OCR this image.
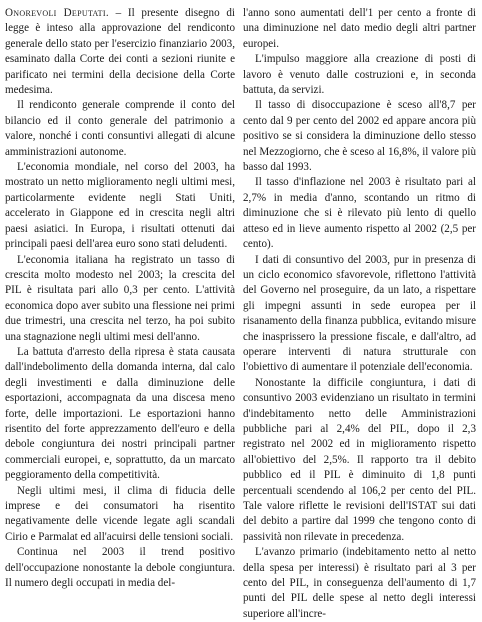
Onorevoli Deputati. – Il presente disegno di legge è inteso alla approvazione del rendiconto generale dello stato per l'esercizio finanziario 2003, esaminato dalla Corte dei conti a sezioni riunite e parificato nei termini della decisione della Corte medesima.

Il rendiconto generale comprende il conto del bilancio ed il conto generale del patrimonio a valore, nonché i conti consuntivi allegati di alcune amministrazioni autonome.

L'economia mondiale, nel corso del 2003, ha mostrato un netto miglioramento negli ultimi mesi, particolarmente evidente negli Stati Uniti, accelerato in Giappone ed in crescita negli altri paesi asiatici. In Europa, i risultati ottenuti dai principali paesi dell'area euro sono stati deludenti.

L'economia italiana ha registrato un tasso di crescita molto modesto nel 2003; la crescita del PIL è risultata pari allo 0,3 per cento. L'attività economica dopo aver subito una flessione nei primi due trimestri, una crescita nel terzo, ha poi subito una stagnazione negli ultimi mesi dell'anno.

La battuta d'arresto della ripresa è stata causata dall'indebolimento della domanda interna, dal calo degli investimenti e dalla diminuzione delle esportazioni, accompagnata da una discesa meno forte, delle importazioni. Le esportazioni hanno risentito del forte apprezzamento dell'euro e della debole congiuntura dei nostri principali partner commerciali europei, e, soprattutto, da un marcato peggioramento della competitività.

Negli ultimi mesi, il clima di fiducia delle imprese e dei consumatori ha risentito negativamente delle vicende legate agli scandali Cirio e Parmalat ed all'acuirsi delle tensioni sociali.

Continua nel 2003 il trend positivo dell'occupazione nonostante la debole congiuntura. Il numero degli occupati in media del-

l'anno sono aumentati dell'1 per cento a fronte di una diminuzione nel dato medio degli altri partner europei.

L'impulso maggiore alla creazione di posti di lavoro è venuto dalle costruzioni e, in seconda battuta, da servizi.

Il tasso di disoccupazione è sceso all'8,7 per cento dal 9 per cento del 2002 ed appare ancora più positivo se si considera la diminuzione dello stesso nel Mezzogiorno, che è sceso al 16,8%, il valore più basso dal 1993.

Il tasso d'inflazione nel 2003 è risultato pari al 2,7% in media d'anno, scontando un ritmo di diminuzione che si è rilevato più lento di quello atteso ed in lieve aumento rispetto al 2002 (2,5 per cento).

I dati di consuntivo del 2003, pur in presenza di un ciclo economico sfavorevole, riflettono l'attività del Governo nel proseguire, da un lato, a rispettare gli impegni assunti in sede europea per il risanamento della finanza pubblica, evitando misure che inasprissero la pressione fiscale, e dall'altro, ad operare interventi di natura strutturale con l'obiettivo di aumentare il potenziale dell'economia.

Nonostante la difficile congiuntura, i dati di consuntivo 2003 evidenziano un risultato in termini d'indebitamento netto delle Amministrazioni pubbliche pari al 2,4% del PIL, dopo il 2,3 registrato nel 2002 ed in miglioramento rispetto all'obiettivo del 2,5%. Il rapporto tra il debito pubblico ed il PIL è diminuito di 1,8 punti percentuali scendendo al 106,2 per cento del PIL. Tale valore riflette le revisioni dell'ISTAT sui dati del debito a partire dal 1999 che tengono conto di passività non rilevate in precedenza.

L'avanzo primario (indebitamento netto al netto della spesa per interessi) è risultato pari al 3 per cento del PIL, in conseguenza dell'aumento di 1,7 punti del PIL delle spese al netto degli interessi superiore all'incre-
